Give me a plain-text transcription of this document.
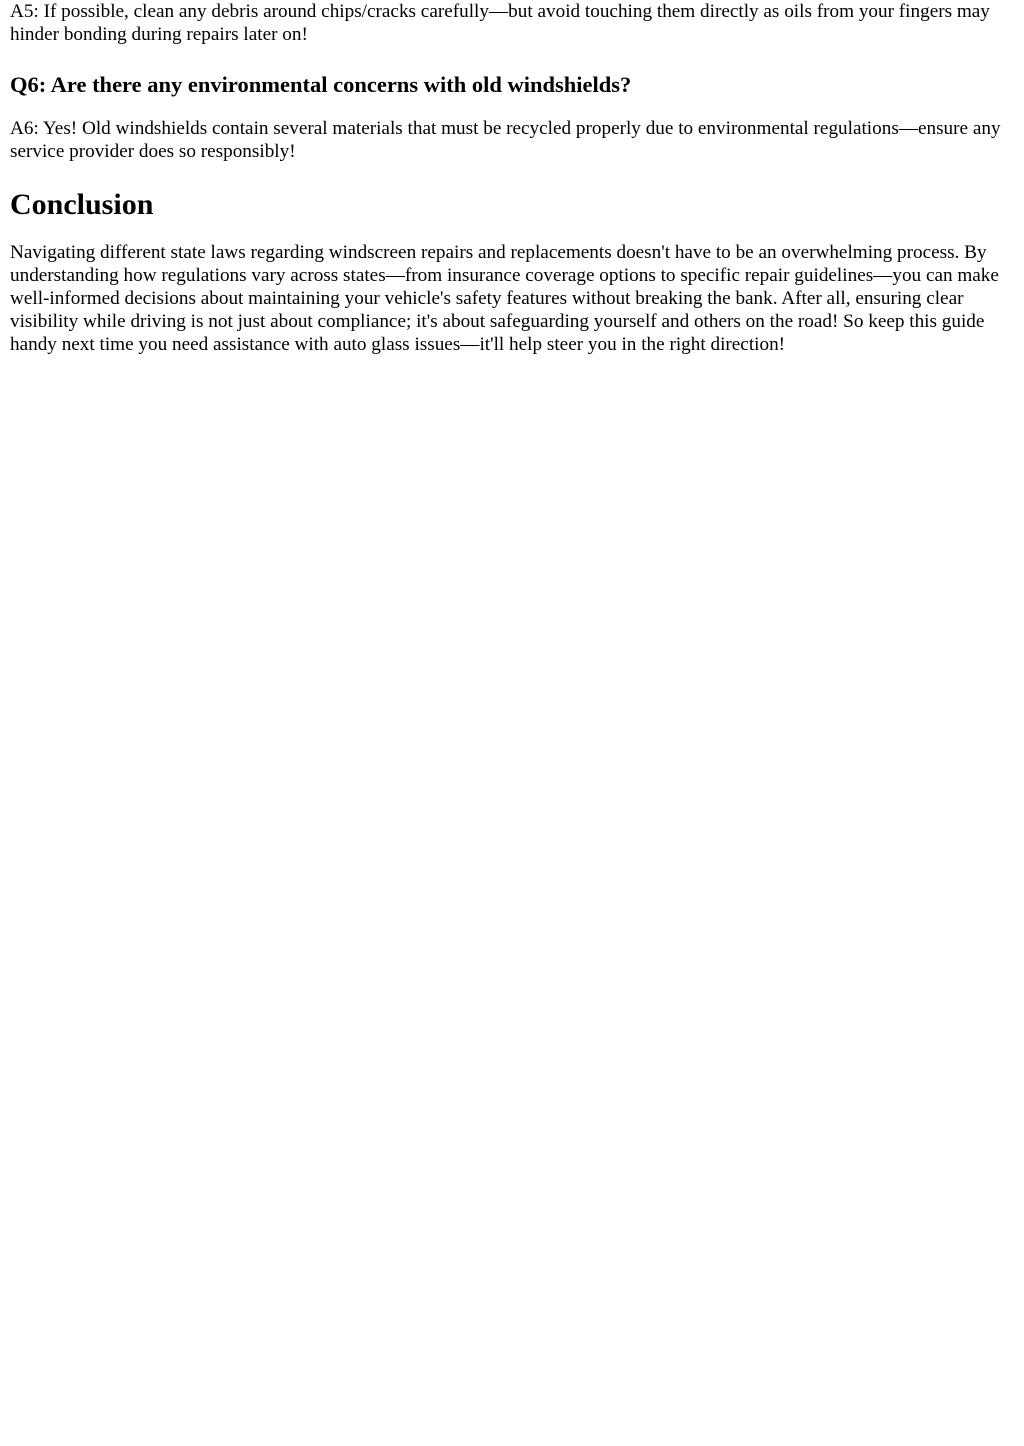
A5: If possible, clean any debris around chips/cracks carefully—but avoid touching them directly as oils from your fingers may hinder bonding during repairs later on!

Q6: Are there any environmental concerns with old windshields?

A6: Yes! Old windshields contain several materials that must be recycled properly due to environmental regulations—ensure any service provider does so responsibly!

Conclusion

Navigating different state laws regarding windscreen repairs and replacements doesn't have to be an overwhelming process. By understanding how regulations vary across states—from insurance coverage options to specific repair guidelines—you can make well-informed decisions about maintaining your vehicle's safety features without breaking the bank. After all, ensuring clear visibility while driving is not just about compliance; it's about safeguarding yourself and others on the road! So keep this guide handy next time you need assistance with auto glass issues—it'll help steer you in the right direction!
